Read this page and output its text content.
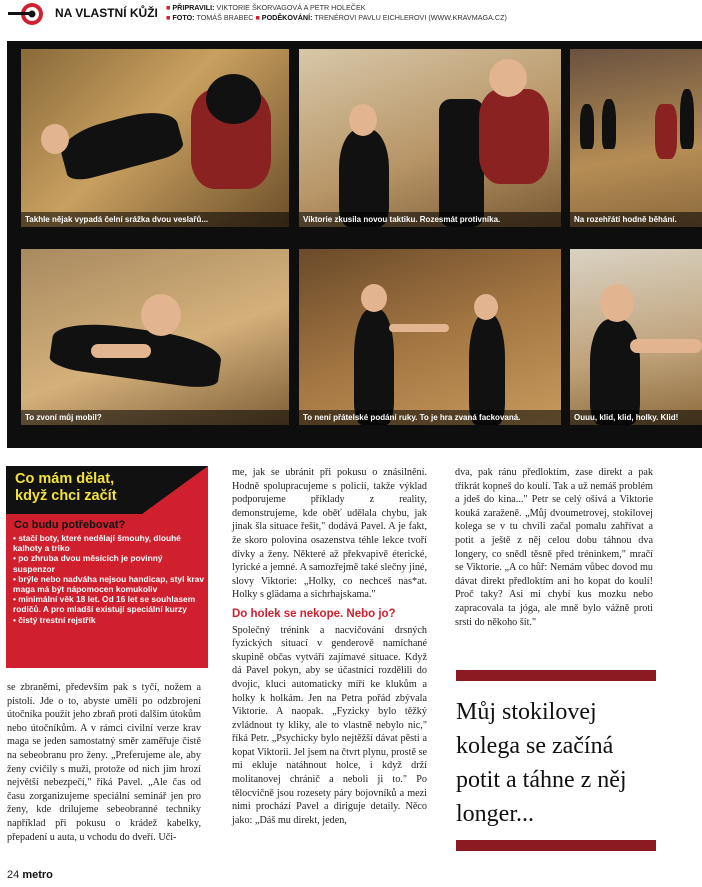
NA VLASTNÍ KŮŽI ■ PŘIPRAVILI: VIKTORIE ŠKORVAGOVÁ A PETR HOLEČEK
■ FOTO: TOMÁŠ BRABEC ■ PODĚKOVÁNÍ: TRENÉROVI PAVLU EICHLEROVI (WWW.KRAVMAGA.CZ)
Takhle nějak vypadá čelní srážka dvou veslařů...	Viktorie zkusila novou taktiku. Rozesmát protivníka.	Na rozehřátí hodně běhání.
To zvoní můj mobil?	To není přátelské podání ruky. To je hra zvaná fackovaná.	Ouuu, klid, klid, holky. Klid!
Co mám dělat,
když chci začít
Co budu potřebovat?
• stačí boty, které nedělají šmouhy, dlouhé kalhoty a triko
• po zhruba dvou měsících je povinný suspenzor
• brýle nebo nadváha nejsou handicap, styl krav maga má být nápomocen komukoliv
• minimální věk 18 let. Od 16 let se souhlasem rodičů. A pro mladší existují speciální kurzy
• čistý trestní rejstřík

se zbraněmi, především pak s tyčí, nožem a pistolí. Jde o to, abyste uměli po odzbrojení útočníka použít jeho zbraň proti dalším útokům nebo útočníkům. A v rámci civilní verze krav maga se jeden samostatný směr zaměřuje čistě na sebeobranu pro ženy. „Preferujeme ale, aby ženy cvičily s muži, protože od nich jim hrozí největší nebezpečí," říká Pavel. „Ale čas od času zorganizujeme speciální seminář jen pro ženy, kde drilujeme sebeobranné techniky například při pokusu o krádež kabelky, přepadení u auta, u vchodu do dveří. Uči-

me, jak se ubránit při pokusu o znásilnění. Hodně spolupracujeme s policií, takže výklad podporujeme příklady z reality, demonstrujeme, kde oběť udělala chybu, jak jinak šla situace řešit," dodává Pavel. A je fakt, že skoro polovina osazenstva téhle lekce tvoří dívky a ženy. Některé až překvapivě éterické, lyrické a jemné. A samozřejmě také slečny jiné, slovy Viktorie: „Holky, co nechceš nas*at. Holky s glädama a sichrhajskama."

Do holek se nekope. Nebo jo?

Společný trénink a nacvičování drsných fyzických situací v genderově namíchané skupině občas vytváří zajímavé situace. Když dá Pavel pokyn, aby se účastníci rozdělili do dvojic, kluci automaticky míří ke klukům a holky k holkám. Jen na Petra pořád zbývala Viktorie. A naopak. „Fyzicky bylo těžký zvládnout ty kliky, ale to vlastně nebylo nic," říká Petr. „Psychicky bylo nejtěžší dávat pěsti a kopat Viktorii. Jel jsem na čtvrt plynu, prostě se mi ekluje natáhnout holce, i když drží molitanovej chránič a neboli ji to." Po tělocvičně jsou rozesety páry bojovníků a mezi nimi prochází Pavel a diriguje detaily. Něco jako: „Dáš mu direkt, jeden,

dva, pak ránu předloktím, zase direkt a pak třikrát kopneš do koulí. Tak a už nemáš problém a jdeš do kina..." Petr se celý ošívá a Viktorie kouká zaraženě. „Můj dvoumetrovej, stokilovej kolega se v tu chvíli začal pomalu zahřívat a potit a ještě z něj celou dobu táhnou dva longery, co snědl těsně před tréninkem," mračí se Viktorie. „A co hůř: Nemám vůbec dovod mu dávat direkt předloktím ani ho kopat do koulí! Proč taky? Asi mi chybí kus mozku nebo zapracovala ta jóga, ale mně bylo vážně proti srsti do někoho šít."

Můj stokilovej kolega se začíná potit a táhne z něj longer...
24 metro
